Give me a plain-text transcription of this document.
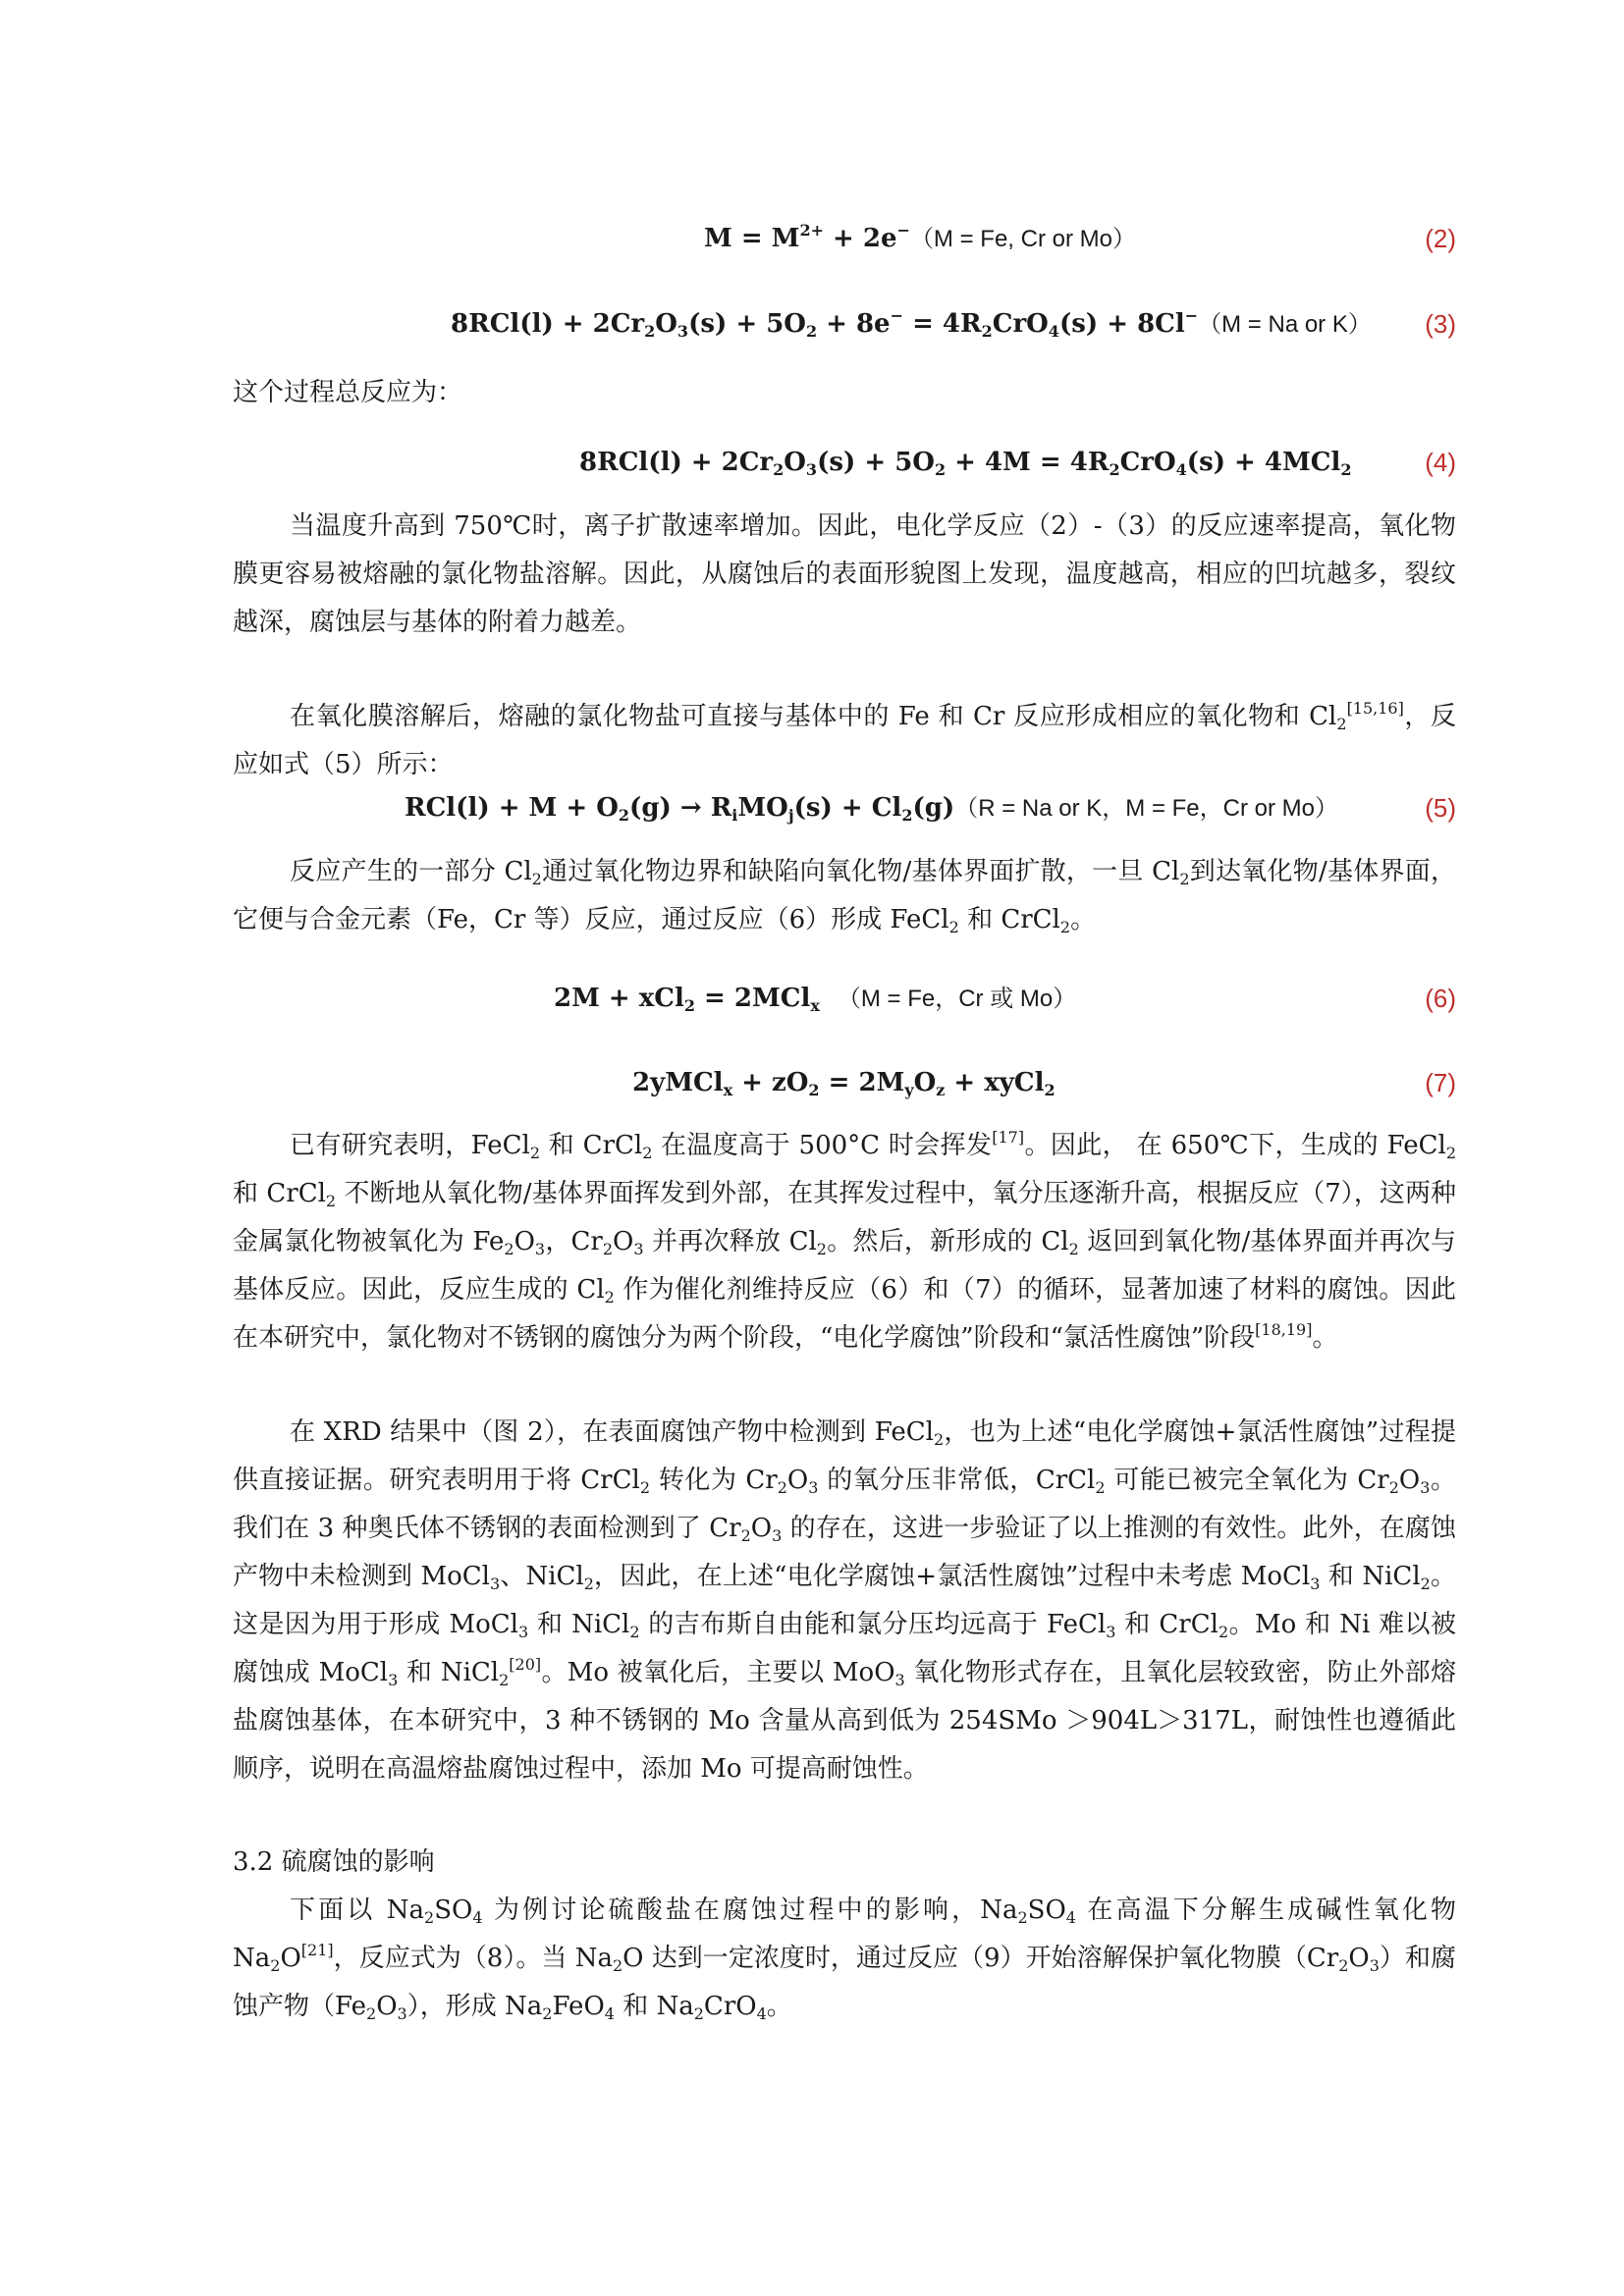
$M = M^{2+} + 2e^-(M = Fe$, Cr or Mo）	(2)
$8RCl(l) + 2Cr_2O_3(s) + 5O_2 + 8e^- = 4R_2CrO_4(s) + 8Cl^-(M = Na$ or K） (3)

这个过程总反应为：

$8RCl(l) + 2Cr_2O_3(s) + 5O_2 + 4M = 4R_2CrO_4(s) + 4MCl_2$	(4)

当温度升高到 750℃时，离子扩散速率增加。因此，电化学反应（2）-（3）的反应速率提高，氧化物膜更容易被熔融的氯化物盐溶解。因此，从腐蚀后的表面形貌图上发现，温度越高，相应的凹坑越多，裂纹越深，腐蚀层与基体的附着力越差。

在氧化膜溶解后，熔融的氯化物盐可直接与基体中的 Fe 和 Cr 反应形成相应的氧化物和 $Cl_2[15,16]$，反应如式（5）所示：

$RCl(l) + M + O_2(g) \to R_iMO_j(s) + Cl_2(g)(R = Na$ or K，M = Fe，Cr or Mo）	(5)

反应产生的一部分 $Cl_2$通过氧化物边界和缺陷向氧化物/基体界面扩散，一旦 $Cl_2$到达氧化物/基体界面，它便与合金元素（Fe，Cr 等）反应，通过反应（6）形成 FeCl$_2$ 和 CrCl$_2$。

2M + xCl$_2$ = 2MCl$_x$ （M = Fe，Cr 或 Mo）	(6)
2yMCl$_x$ + $zO_2 = 2M_yO_z$ + xyCl$_2$	(7)

已有研究表明，FeCl$_2$ 和 CrCl$_2$ 在温度高于 500°C 时会挥发[17]。因此， 在 650℃下，生成的 FeCl$_2$ 和 CrCl$_2$ 不断地从氧化物/基体界面挥发到外部，在其挥发过程中，氧分压逐渐升高，根据反应（7），这两种金属氯化物被氧化为 $Fe_2O_3$，$Cr_2O_3$ 并再次释放 $Cl_2$。然后，新形成的 $Cl_2$ 返回到氧化物/基体界面并再次与基体反应。因此，反应生成的 $Cl_2$ 作为催化剂维持反应（6）和（7）的循环，显著加速了材料的腐蚀。因此在本研究中，氯化物对不锈钢的腐蚀分为两个阶段，“电化学腐蚀”阶段和“氯活性腐蚀”阶段[18,19]。

在 XRD 结果中（图 2），在表面腐蚀产物中检测到 FeCl$_2$，也为上述“电化学腐蚀+氯活性腐蚀”过程提供直接证据。研究表明用于将 CrCl$_2$ 转化为 $Cr_2O_3$ 的氧分压非常低，CrCl$_2$ 可能已被完全氧化为 $Cr_2O_3$。我们在 3 种奥氏体不锈钢的表面检测到了 $Cr_2O_3$ 的存在，这进一步验证了以上推测的有效性。此外，在腐蚀产物中未检测到 MoCl$_3$、NiCl$_2$，因此，在上述“电化学腐蚀+氯活性腐蚀”过程中未考虑 MoCl$_3$ 和 NiCl$_2$。这是因为用于形成 MoCl$_3$ 和 NiCl$_2$ 的吉布斯自由能和氯分压均远高于 FeCl$_3$ 和 CrCl$_2$。Mo 和 Ni 难以被腐蚀成 MoCl$_3$ 和 NiCl$_2$[20]。Mo 被氧化后，主要以 MoO$_3$ 氧化物形式存在，且氧化层较致密，防止外部熔盐腐蚀基体，在本研究中，3 种不锈钢的 Mo 含量从高到低为 254SMo ＞904L＞317L，耐蚀性也遵循此顺序，说明在高温熔盐腐蚀过程中，添加 Mo 可提高耐蚀性。

3.2 硫腐蚀的影响

下面以 $Na_2SO_4$ 为例讨论硫酸盐在腐蚀过程中的影响，$Na_2SO_4$ 在高温下分解生成碱性氧化物 $Na_2O[21]$，反应式为（8）。当 $Na_2O$ 达到一定浓度时，通过反应（9）开始溶解保护氧化物膜$(Cr_2O_3)$和腐蚀产物$(Fe_2O_3)$，形成 $Na_2FeO_4$ 和 $Na_2CrO_4$。
